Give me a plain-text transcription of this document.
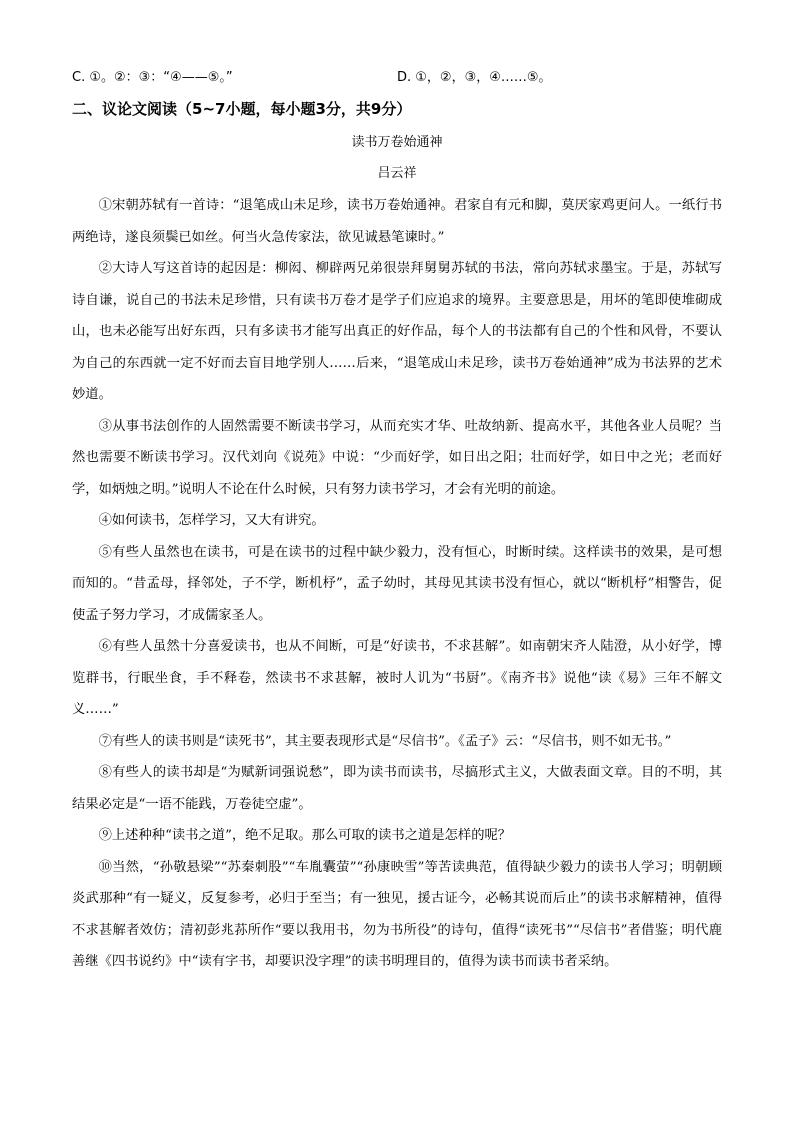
C. ①。②：③：“④——⑤。”	D. ①，②，③，④……⑤。
二、议论文阅读（5~7小题，每小题3分，共9分）
读书万卷始通神
吕云祥

①宋朝苏轼有一首诗：“退笔成山未足珍，读书万卷始通神。君家自有元和脚，莫厌家鸡更问人。一纸行书两绝诗，遂良须鬓已如丝。何当火急传家法，欲见诚悬笔谏时。”

②大诗人写这首诗的起因是：柳闳、柳辟两兄弟很崇拜舅舅苏轼的书法，常向苏轼求墨宝。于是，苏轼写诗自谦，说自己的书法未足珍惜，只有读书万卷才是学子们应追求的境界。主要意思是，用坏的笔即使堆砌成山，也未必能写出好东西，只有多读书才能写出真正的好作品，每个人的书法都有自己的个性和风骨，不要认为自己的东西就一定不好而去盲目地学别人……后来，“退笔成山未足珍，读书万卷始通神”成为书法界的艺术妙道。

③从事书法创作的人固然需要不断读书学习，从而充实才华、吐故纳新、提高水平，其他各业人员呢？当然也需要不断读书学习。汉代刘向《说苑》中说：“少而好学，如日出之阳；壮而好学，如日中之光；老而好学，如炳烛之明。”说明人不论在什么时候，只有努力读书学习，才会有光明的前途。

④如何读书，怎样学习，又大有讲究。

⑤有些人虽然也在读书，可是在读书的过程中缺少毅力，没有恒心，时断时续。这样读书的效果，是可想而知的。“昔孟母，择邻处，子不学，断机杼”，孟子幼时，其母见其读书没有恒心，就以“断机杼”相警告，促使孟子努力学习，才成儒家圣人。

⑥有些人虽然十分喜爱读书，也从不间断，可是“好读书，不求甚解”。如南朝宋齐人陆澄，从小好学，博览群书，行眠坐食，手不释卷，然读书不求甚解，被时人讥为“书厨”。《南齐书》说他“读《易》三年不解文义……”

⑦有些人的读书则是“读死书”，其主要表现形式是“尽信书”。《孟子》云：“尽信书，则不如无书。”

⑧有些人的读书却是“为赋新词强说愁”，即为读书而读书，尽搞形式主义，大做表面文章。目的不明，其结果必定是“一语不能践，万卷徒空虚”。

⑨上述种种“读书之道”，绝不足取。那么可取的读书之道是怎样的呢？

⑩当然，“孙敬悬梁”“苏秦刺股”“车胤囊萤”“孙康映雪”等苦读典范，值得缺少毅力的读书人学习；明朝顾炎武那种“有一疑义，反复参考，必归于至当；有一独见，援古证今，必畅其说而后止”的读书求解精神，值得不求甚解者效仿；清初彭兆荪所作“要以我用书，勿为书所役”的诗句，值得“读死书”“尽信书”者借鉴；明代鹿善继《四书说约》中“读有字书，却要识没字理”的读书明理目的，值得为读书而读书者采纳。
